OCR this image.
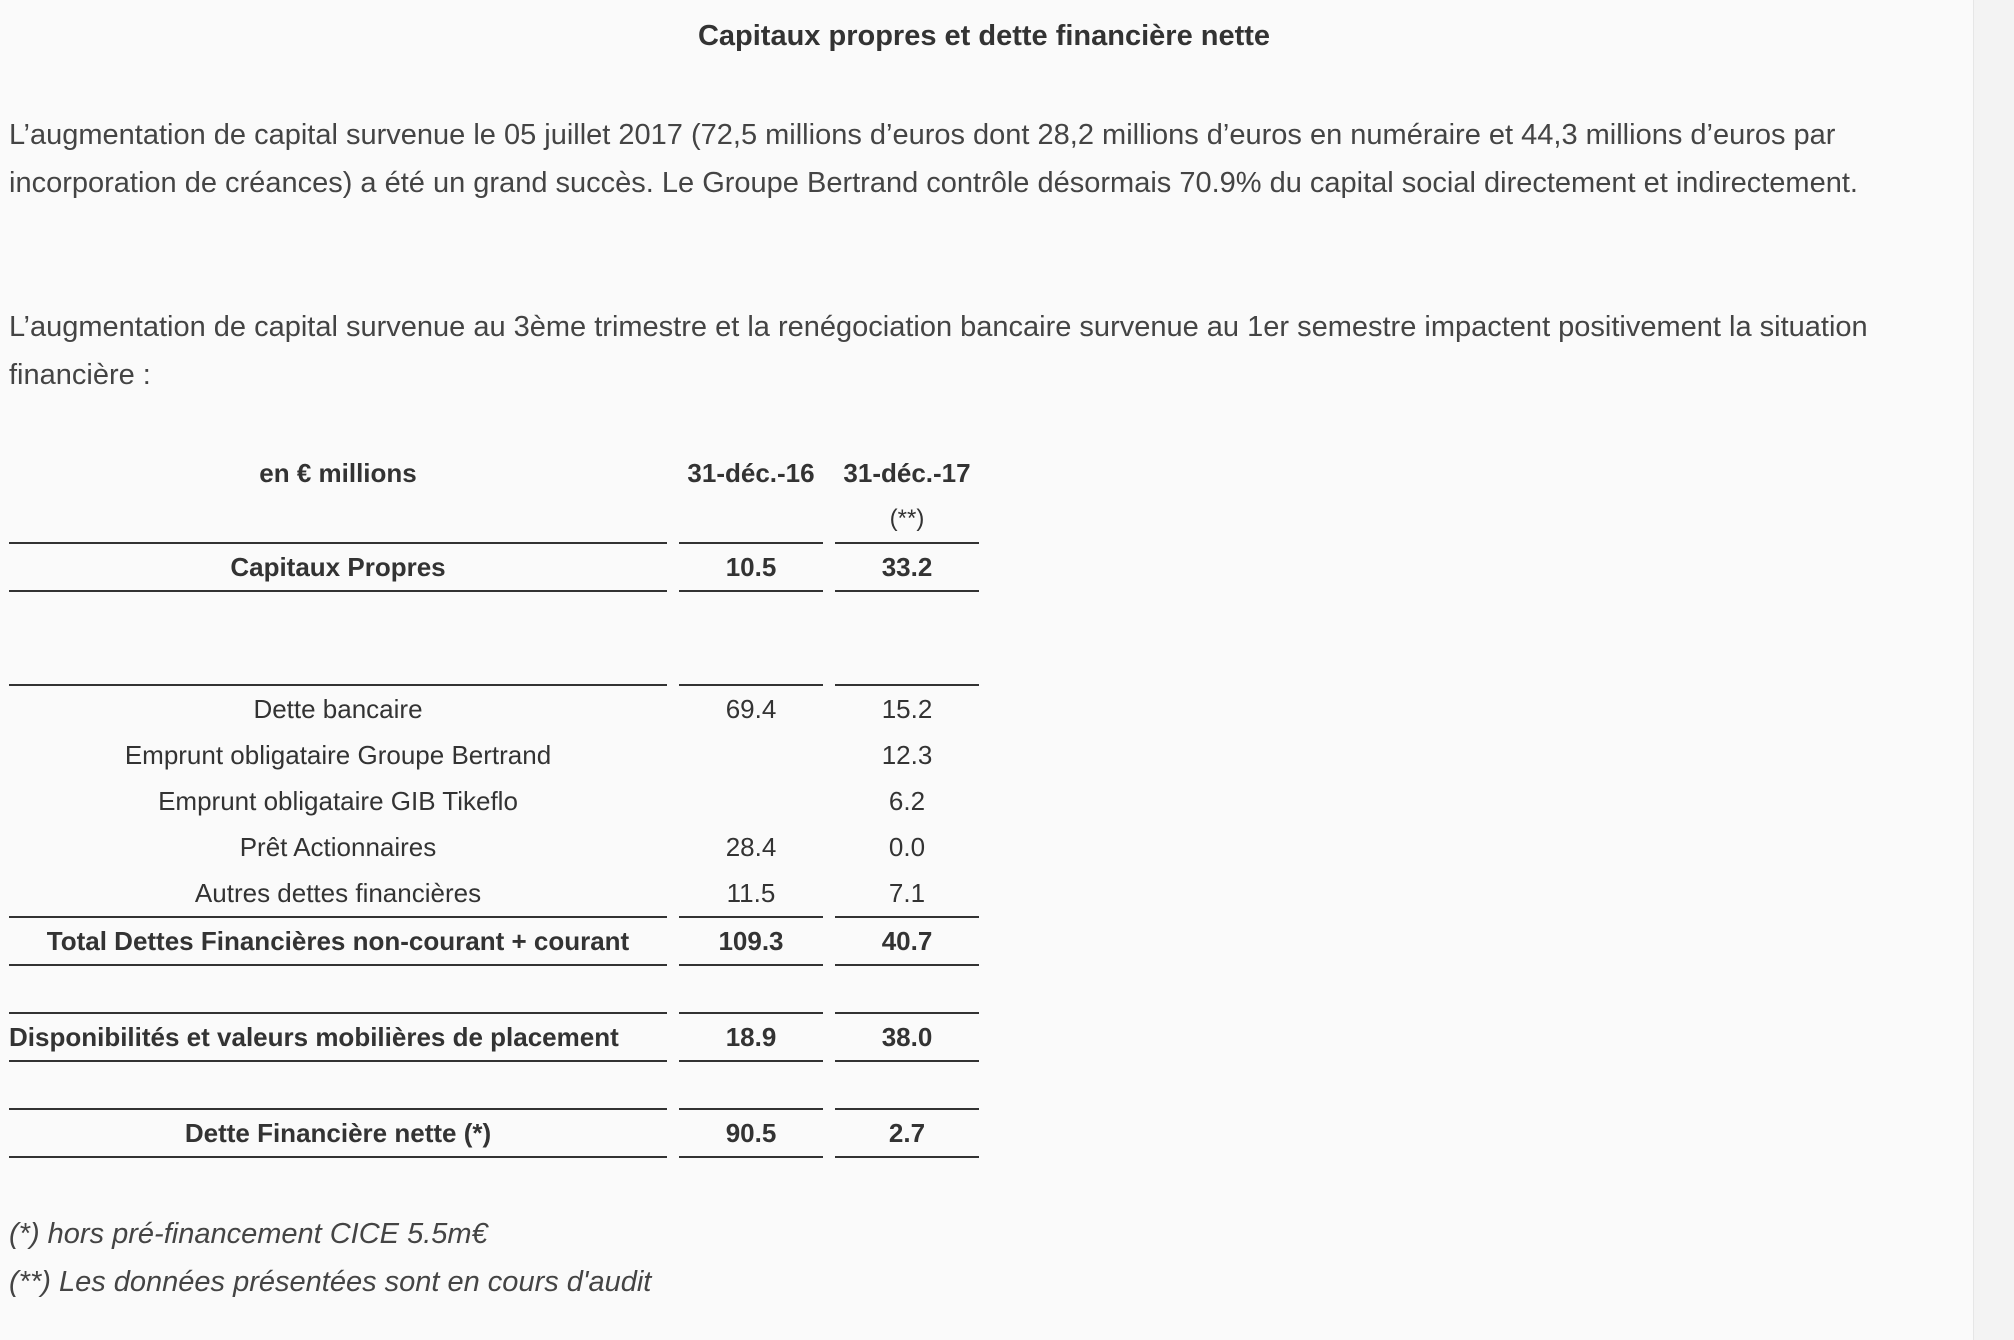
Capitaux propres et dette financière nette

L’augmentation de capital survenue le 05 juillet 2017 (72,5 millions d’euros dont 28,2 millions d’euros en numéraire et 44,3 millions d’euros par incorporation de créances) a été un grand succès. Le Groupe Bertrand contrôle désormais 70.9% du capital social directement et indirectement.

L’augmentation de capital survenue au 3ème trimestre et la renégociation bancaire survenue au 1er semestre impactent positivement la situation financière :

en € millions	31-déc.-16	31-déc.-17
		(**)
Capitaux Propres	10.5	33.2

Dette bancaire	69.4	15.2
Emprunt obligataire Groupe Bertrand		12.3
Emprunt obligataire GIB Tikeflo		6.2
Prêt Actionnaires	28.4	0.0
Autres dettes financières	11.5	7.1
Total Dettes Financières non-courant + courant	109.3	40.7

Disponibilités et valeurs mobilières de placement	18.9	38.0

Dette Financière nette (*)	90.5	2.7
(*) hors pré-financement CICE 5.5m€
(**) Les données présentées sont en cours d'audit
